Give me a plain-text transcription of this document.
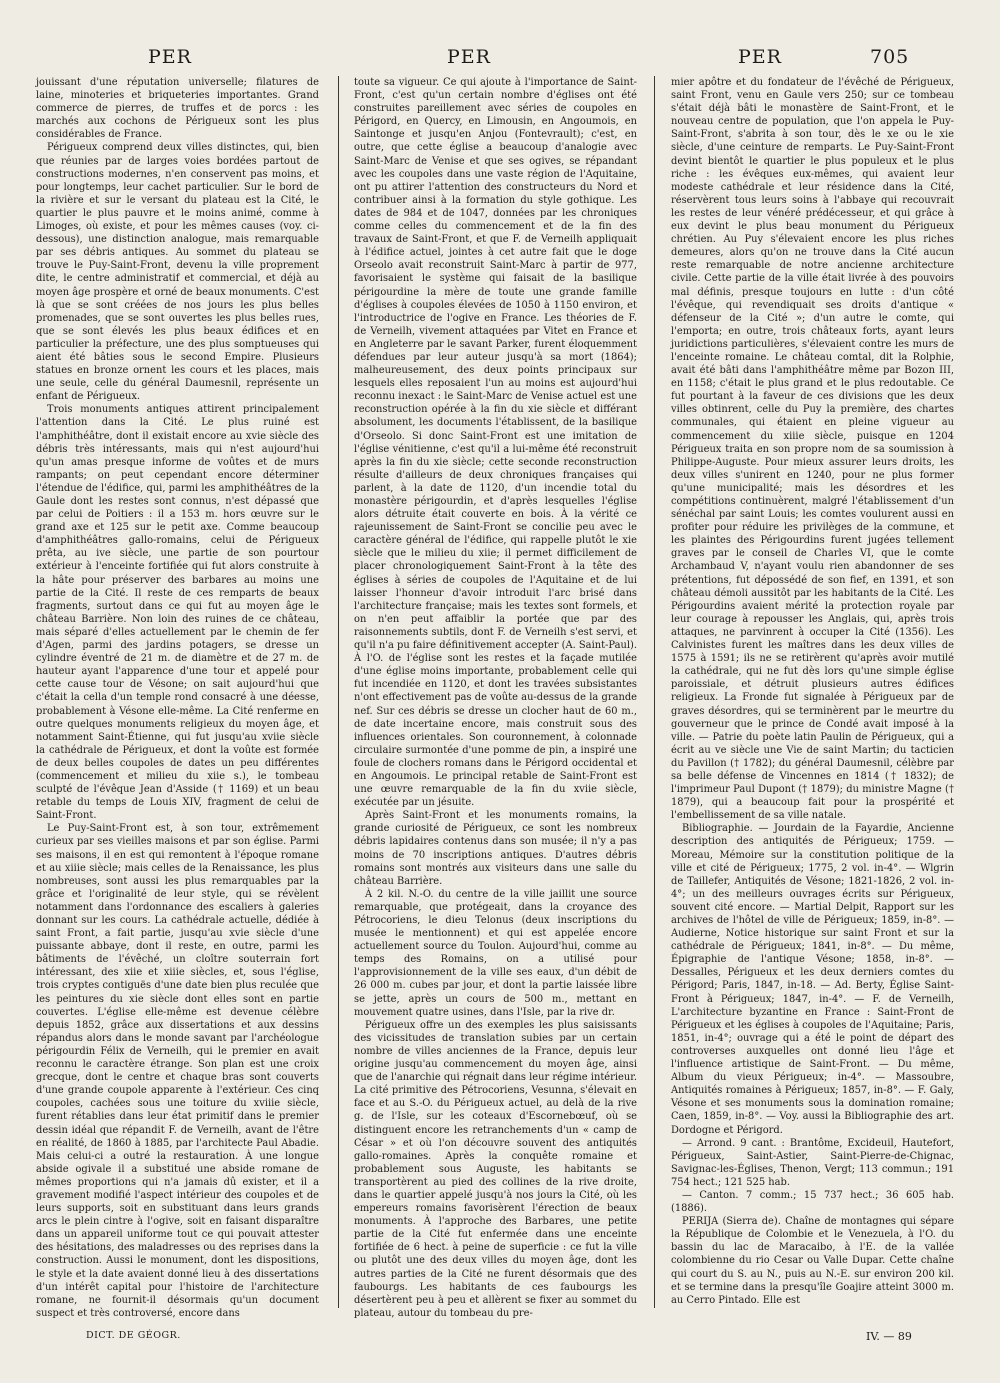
PER	PER	PER	705

jouissant d'une réputation universelle; filatures de laine, minoteries et briqueteries importantes. Grand commerce de pierres, de truffes et de porcs : les marchés aux cochons de Périgueux sont les plus considérables de France.

Périgueux comprend deux villes distinctes, qui, bien que réunies par de larges voies bordées partout de constructions modernes, n'en conservent pas moins, et pour longtemps, leur cachet particulier. Sur le bord de la rivière et sur le versant du plateau est la Cité, le quartier le plus pauvre et le moins animé, comme à Limoges, où existe, et pour les mêmes causes (voy. ci-dessous), une distinction analogue, mais remarquable par ses débris antiques. Au sommet du plateau se trouve le Puy-Saint-Front, devenu la ville proprement dite, le centre administratif et commercial, et déjà au moyen âge prospère et orné de beaux monuments. C'est là que se sont créées de nos jours les plus belles promenades, que se sont ouvertes les plus belles rues, que se sont élevés les plus beaux édifices et en particulier la préfecture, une des plus somptueuses qui aient été bâties sous le second Empire. Plusieurs statues en bronze ornent les cours et les places, mais une seule, celle du général Daumesnil, représente un enfant de Périgueux.

Trois monuments antiques attirent principalement l'attention dans la Cité. Le plus ruiné est l'amphithéâtre, dont il existait encore au xvie siècle des débris très intéressants, mais qui n'est aujourd'hui qu'un amas presque informe de voûtes et de murs rampants; on peut cependant encore déterminer l'étendue de l'édifice, qui, parmi les amphithéâtres de la Gaule dont les restes sont connus, n'est dépassé que par celui de Poitiers : il a 153 m. hors œuvre sur le grand axe et 125 sur le petit axe. Comme beaucoup d'amphithéâtres gallo-romains, celui de Périgueux prêta, au ive siècle, une partie de son pourtour extérieur à l'enceinte fortifiée qui fut alors construite à la hâte pour préserver des barbares au moins une partie de la Cité. Il reste de ces remparts de beaux fragments, surtout dans ce qui fut au moyen âge le château Barrière. Non loin des ruines de ce château, mais séparé d'elles actuellement par le chemin de fer d'Agen, parmi des jardins potagers, se dresse un cylindre éventré de 21 m. de diamètre et de 27 m. de hauteur ayant l'apparence d'une tour et appelé pour cette cause tour de Vésone; on sait aujourd'hui que c'était la cella d'un temple rond consacré à une déesse, probablement à Vésone elle-même. La Cité renferme en outre quelques monuments religieux du moyen âge, et notamment Saint-Étienne, qui fut jusqu'au xviie siècle la cathédrale de Périgueux, et dont la voûte est formée de deux belles coupoles de dates un peu différentes (commencement et milieu du xiie s.), le tombeau sculpté de l'évêque Jean d'Asside († 1169) et un beau retable du temps de Louis XIV, fragment de celui de Saint-Front.

Le Puy-Saint-Front est, à son tour, extrêmement curieux par ses vieilles maisons et par son église. Parmi ses maisons, il en est qui remontent à l'époque romane et au xiiie siècle; mais celles de la Renaissance, les plus nombreuses, sont aussi les plus remarquables par la grâce et l'originalité de leur style, qui se révèlent notamment dans l'ordonnance des escaliers à galeries donnant sur les cours. La cathédrale actuelle, dédiée à saint Front, a fait partie, jusqu'au xvie siècle d'une puissante abbaye, dont il reste, en outre, parmi les bâtiments de l'évêché, un cloître souterrain fort intéressant, des xiie et xiiie siècles, et, sous l'église, trois cryptes contiguës d'une date bien plus reculée que les peintures du xie siècle dont elles sont en partie couvertes. L'église elle-même est devenue célèbre depuis 1852, grâce aux dissertations et aux dessins répandus alors dans le monde savant par l'archéologue périgourdin Félix de Verneilh, qui le premier en avait reconnu le caractère étrange. Son plan est une croix grecque, dont le centre et chaque bras sont couverts d'une grande coupole apparente à l'extérieur. Ces cinq coupoles, cachées sous une toiture du xviiie siècle, furent rétablies dans leur état primitif dans le premier dessin idéal que répandit F. de Verneilh, avant de l'être en réalité, de 1860 à 1885, par l'architecte Paul Abadie. Mais celui-ci a outré la restauration. À une longue abside ogivale il a substitué une abside romane de mêmes proportions qui n'a jamais dû exister, et il a gravement modifié l'aspect intérieur des coupoles et de leurs supports, soit en substituant dans leurs grands arcs le plein cintre à l'ogive, soit en faisant disparaître dans un appareil uniforme tout ce qui pouvait attester des hésitations, des maladresses ou des reprises dans la construction. Aussi le monument, dont les dispositions, le style et la date avaient donné lieu à des dissertations d'un intérêt capital pour l'histoire de l'architecture romane, ne fournit-il désormais qu'un document suspect et très controversé, encore dans

toute sa vigueur. Ce qui ajoute à l'importance de Saint-Front, c'est qu'un certain nombre d'églises ont été construites pareillement avec séries de coupoles en Périgord, en Quercy, en Limousin, en Angoumois, en Saintonge et jusqu'en Anjou (Fontevrault); c'est, en outre, que cette église a beaucoup d'analogie avec Saint-Marc de Venise et que ses ogives, se répandant avec les coupoles dans une vaste région de l'Aquitaine, ont pu attirer l'attention des constructeurs du Nord et contribuer ainsi à la formation du style gothique. Les dates de 984 et de 1047, données par les chroniques comme celles du commencement et de la fin des travaux de Saint-Front, et que F. de Verneilh appliquait à l'édifice actuel, jointes à cet autre fait que le doge Orseolo avait reconstruit Saint-Marc à partir de 977, favorisaient le système qui faisait de la basilique périgourdine la mère de toute une grande famille d'églises à coupoles élevées de 1050 à 1150 environ, et l'introductrice de l'ogive en France. Les théories de F. de Verneilh, vivement attaquées par Vitet en France et en Angleterre par le savant Parker, furent éloquemment défendues par leur auteur jusqu'à sa mort (1864); malheureusement, des deux points principaux sur lesquels elles reposaient l'un au moins est aujourd'hui reconnu inexact : le Saint-Marc de Venise actuel est une reconstruction opérée à la fin du xie siècle et différant absolument, les documents l'établissent, de la basilique d'Orseolo. Si donc Saint-Front est une imitation de l'église vénitienne, c'est qu'il a lui-même été reconstruit après la fin du xie siècle; cette seconde reconstruction résulte d'ailleurs de deux chroniques françaises qui parlent, à la date de 1120, d'un incendie total du monastère périgourdin, et d'après lesquelles l'église alors détruite était couverte en bois. À la vérité ce rajeunissement de Saint-Front se concilie peu avec le caractère général de l'édifice, qui rappelle plutôt le xie siècle que le milieu du xiie; il permet difficilement de placer chronologiquement Saint-Front à la tête des églises à séries de coupoles de l'Aquitaine et de lui laisser l'honneur d'avoir introduit l'arc brisé dans l'architecture française; mais les textes sont formels, et on n'en peut affaiblir la portée que par des raisonnements subtils, dont F. de Verneilh s'est servi, et qu'il n'a pu faire définitivement accepter (A. Saint-Paul). À l'O. de l'église sont les restes et la façade mutilée d'une église moins importante, probablement celle qui fut incendiée en 1120, et dont les travées subsistantes n'ont effectivement pas de voûte au-dessus de la grande nef. Sur ces débris se dresse un clocher haut de 60 m., de date incertaine encore, mais construit sous des influences orientales. Son couronnement, à colonnade circulaire surmontée d'une pomme de pin, a inspiré une foule de clochers romans dans le Périgord occidental et en Angoumois. Le principal retable de Saint-Front est une œuvre remarquable de la fin du xviie siècle, exécutée par un jésuite.

Après Saint-Front et les monuments romains, la grande curiosité de Périgueux, ce sont les nombreux débris lapidaires contenus dans son musée; il n'y a pas moins de 70 inscriptions antiques. D'autres débris romains sont montrés aux visiteurs dans une salle du château Barrière.

À 2 kil. N.-O. du centre de la ville jaillit une source remarquable, que protégeait, dans la croyance des Pétrocoriens, le dieu Telonus (deux inscriptions du musée le mentionnent) et qui est appelée encore actuellement source du Toulon. Aujourd'hui, comme au temps des Romains, on a utilisé pour l'approvisionnement de la ville ses eaux, d'un débit de 26 000 m. cubes par jour, et dont la partie laissée libre se jette, après un cours de 500 m., mettant en mouvement quatre usines, dans l'Isle, par la rive dr.

Périgueux offre un des exemples les plus saisissants des vicissitudes de translation subies par un certain nombre de villes anciennes de la France, depuis leur origine jusqu'au commencement du moyen âge, ainsi que de l'anarchie qui régnait dans leur régime intérieur. La cité primitive des Pétrocoriens, Vesunna, s'élevait en face et au S.-O. du Périgueux actuel, au delà de la rive g. de l'Isle, sur les coteaux d'Escornebœuf, où se distinguent encore les retranchements d'un « camp de César » et où l'on découvre souvent des antiquités gallo-romaines. Après la conquête romaine et probablement sous Auguste, les habitants se transportèrent au pied des collines de la rive droite, dans le quartier appelé jusqu'à nos jours la Cité, où les empereurs romains favorisèrent l'érection de beaux monuments. À l'approche des Barbares, une petite partie de la Cité fut enfermée dans une enceinte fortifiée de 6 hect. à peine de superficie : ce fut la ville ou plutôt une des deux villes du moyen âge, dont les autres parties de la Cité ne furent désormais que des faubourgs. Les habitants de ces faubourgs les désertèrent peu à peu et allèrent se fixer au sommet du plateau, autour du tombeau du pre-

mier apôtre et du fondateur de l'évêché de Périgueux, saint Front, venu en Gaule vers 250; sur ce tombeau s'était déjà bâti le monastère de Saint-Front, et le nouveau centre de population, que l'on appela le Puy-Saint-Front, s'abrita à son tour, dès le xe ou le xie siècle, d'une ceinture de remparts. Le Puy-Saint-Front devint bientôt le quartier le plus populeux et le plus riche : les évêques eux-mêmes, qui avaient leur modeste cathédrale et leur résidence dans la Cité, réservèrent tous leurs soins à l'abbaye qui recouvrait les restes de leur vénéré prédécesseur, et qui grâce à eux devint le plus beau monument du Périgueux chrétien. Au Puy s'élevaient encore les plus riches demeures, alors qu'on ne trouve dans la Cité aucun reste remarquable de notre ancienne architecture civile. Cette partie de la ville était livrée à des pouvoirs mal définis, presque toujours en lutte : d'un côté l'évêque, qui revendiquait ses droits d'antique « défenseur de la Cité »; d'un autre le comte, qui l'emporta; en outre, trois châteaux forts, ayant leurs juridictions particulières, s'élevaient contre les murs de l'enceinte romaine. Le château comtal, dit la Rolphie, avait été bâti dans l'amphithéâtre même par Bozon III, en 1158; c'était le plus grand et le plus redoutable. Ce fut pourtant à la faveur de ces divisions que les deux villes obtinrent, celle du Puy la première, des chartes communales, qui étaient en pleine vigueur au commencement du xiiie siècle, puisque en 1204 Périgueux traita en son propre nom de sa soumission à Philippe-Auguste. Pour mieux assurer leurs droits, les deux villes s'unirent en 1240, pour ne plus former qu'une municipalité; mais les désordres et les compétitions continuèrent, malgré l'établissement d'un sénéchal par saint Louis; les comtes voulurent aussi en profiter pour réduire les privilèges de la commune, et les plaintes des Périgourdins furent jugées tellement graves par le conseil de Charles VI, que le comte Archambaud V, n'ayant voulu rien abandonner de ses prétentions, fut dépossédé de son fief, en 1391, et son château démoli aussitôt par les habitants de la Cité. Les Périgourdins avaient mérité la protection royale par leur courage à repousser les Anglais, qui, après trois attaques, ne parvinrent à occuper la Cité (1356). Les Calvinistes furent les maîtres dans les deux villes de 1575 à 1591; ils ne se retirèrent qu'après avoir mutilé la cathédrale, qui ne fut dès lors qu'une simple église paroissiale, et détruit plusieurs autres édifices religieux. La Fronde fut signalée à Périgueux par de graves désordres, qui se terminèrent par le meurtre du gouverneur que le prince de Condé avait imposé à la ville. — Patrie du poète latin Paulin de Périgueux, qui a écrit au ve siècle une Vie de saint Martin; du tacticien du Pavillon († 1782); du général Daumesnil, célèbre par sa belle défense de Vincennes en 1814 († 1832); de l'imprimeur Paul Dupont († 1879); du ministre Magne († 1879), qui a beaucoup fait pour la prospérité et l'embellissement de sa ville natale.

Bibliographie. — Jourdain de la Fayardie, Ancienne description des antiquités de Périgueux; 1759. — Moreau, Mémoire sur la constitution politique de la ville et cité de Périgueux; 1775, 2 vol. in-4°. — Wlgrin de Taillefer, Antiquités de Vésone; 1821-1826, 2 vol. in-4°; un des meilleurs ouvrages écrits sur Périgueux, souvent cité encore. — Martial Delpit, Rapport sur les archives de l'hôtel de ville de Périgueux; 1859, in-8°. — Audierne, Notice historique sur saint Front et sur la cathédrale de Périgueux; 1841, in-8°. — Du même, Épigraphie de l'antique Vésone; 1858, in-8°. — Dessalles, Périgueux et les deux derniers comtes du Périgord; Paris, 1847, in-18. — Ad. Berty, Église Saint-Front à Périgueux; 1847, in-4°. — F. de Verneilh, L'architecture byzantine en France : Saint-Front de Périgueux et les églises à coupoles de l'Aquitaine; Paris, 1851, in-4°; ouvrage qui a été le point de départ des controverses auxquelles ont donné lieu l'âge et l'influence artistique de Saint-Front. — Du même, Album du vieux Périgueux; in-4°. — Massoubre, Antiquités romaines à Périgueux; 1857, in-8°. — F. Galy, Vésone et ses monuments sous la domination romaine; Caen, 1859, in-8°. — Voy. aussi la Bibliographie des art. Dordogne et Périgord.

— Arrond. 9 cant. : Brantôme, Excideuil, Hautefort, Périgueux, Saint-Astier, Saint-Pierre-de-Chignac, Savignac-les-Églises, Thenon, Vergt; 113 commun.; 191 754 hect.; 121 525 hab.

— Canton. 7 comm.; 15 737 hect.; 36 605 hab. (1886).

PERIJA (Sierra de). Chaîne de montagnes qui sépare la République de Colombie et le Venezuela, à l'O. du bassin du lac de Maracaibo, à l'E. de la vallée colombienne du rio Cesar ou Valle Dupar. Cette chaîne qui court du S. au N., puis au N.-E. sur environ 200 kil. et se termine dans la presqu'île Goajire atteint 3000 m. au Cerro Pintado. Elle est

DICT. DE GÉOGR.	IV. — 89
